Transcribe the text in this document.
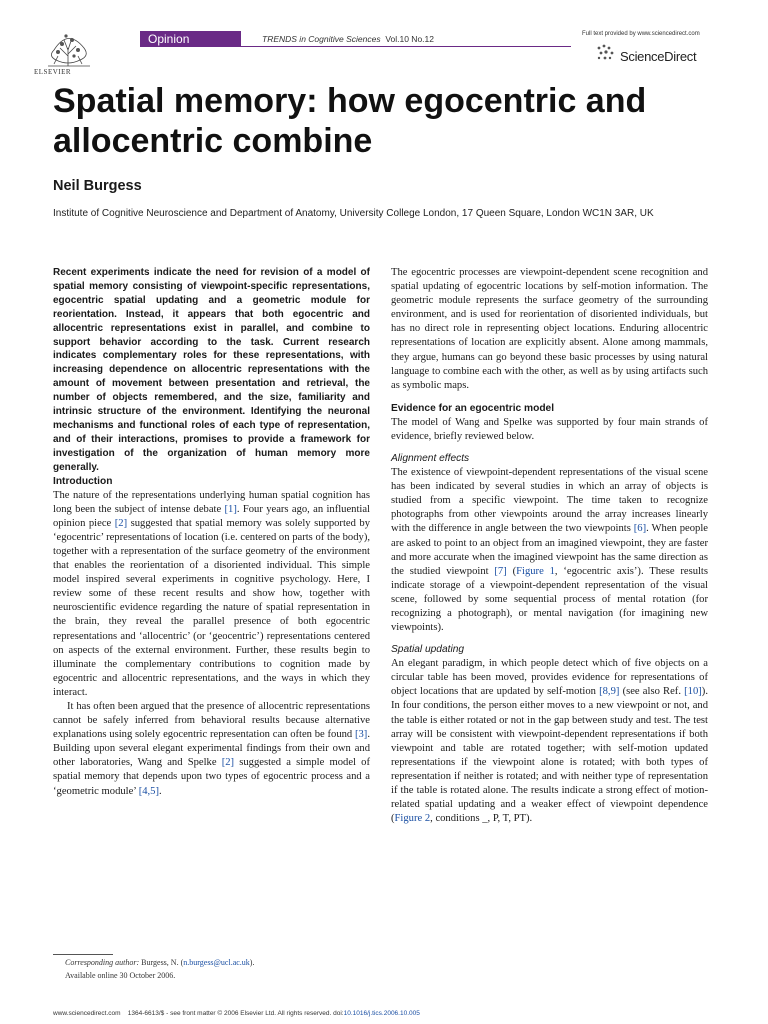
ELSEVIER
Opinion	TRENDS in Cognitive Sciences Vol.10 No.12	Full text provided by www.sciencedirect.com
ScienceDirect
Spatial memory: how egocentric and allocentric combine
Neil Burgess
Institute of Cognitive Neuroscience and Department of Anatomy, University College London, 17 Queen Square, London WC1N 3AR, UK

Recent experiments indicate the need for revision of a model of spatial memory consisting of viewpoint-specific representations, egocentric spatial updating and a geometric module for reorientation. Instead, it appears that both egocentric and allocentric representations exist in parallel, and combine to support behavior according to the task. Current research indicates complementary roles for these representations, with increasing dependence on allocentric representations with the amount of movement between presentation and retrieval, the number of objects remembered, and the size, familiarity and intrinsic structure of the environment. Identifying the neuronal mechanisms and functional roles of each type of representation, and of their interactions, promises to provide a framework for investigation of the organization of human memory more generally.

Introduction

The nature of the representations underlying human spatial cognition has long been the subject of intense debate [1]. Four years ago, an influential opinion piece [2] suggested that spatial memory was solely supported by ‘egocentric’ representations of location (i.e. centered on parts of the body), together with a representation of the surface geometry of the environment that enables the reorientation of a disoriented individual. This simple model inspired several experiments in cognitive psychology. Here, I review some of these recent results and show how, together with neuroscientific evidence regarding the nature of spatial representation in the brain, they reveal the parallel presence of both egocentric representations and ‘allocentric’ (or ‘geocentric’) representations centered on aspects of the external environment. Further, these results begin to illuminate the complementary contributions to cognition made by egocentric and allocentric representations, and the ways in which they interact.

It has often been argued that the presence of allocentric representations cannot be safely inferred from behavioral results because alternative explanations using solely egocentric representation can often be found [3]. Building upon several elegant experimental findings from their own and other laboratories, Wang and Spelke [2] suggested a simple model of spatial memory that depends upon two types of egocentric process and a ‘geometric module’ [4,5].

Corresponding author: Burgess, N. (n.burgess@ucl.ac.uk).

Available online 30 October 2006.

The egocentric processes are viewpoint-dependent scene recognition and spatial updating of egocentric locations by self-motion information. The geometric module represents the surface geometry of the surrounding environment, and is used for reorientation of disoriented individuals, but has no direct role in representing object locations. Enduring allocentric representations of location are explicitly absent. Alone among mammals, they argue, humans can go beyond these basic processes by using natural language to combine each with the other, as well as by using artifacts such as symbolic maps.

Evidence for an egocentric model

The model of Wang and Spelke was supported by four main strands of evidence, briefly reviewed below.

Alignment effects

The existence of viewpoint-dependent representations of the visual scene has been indicated by several studies in which an array of objects is studied from a specific viewpoint. The time taken to recognize photographs from other viewpoints around the array increases linearly with the difference in angle between the two viewpoints [6]. When people are asked to point to an object from an imagined viewpoint, they are faster and more accurate when the imagined viewpoint has the same direction as the studied viewpoint [7] (Figure 1, ‘egocentric axis’). These results indicate storage of a viewpoint-dependent representation of the visual scene, followed by some sequential process of mental rotation (for recognizing a photograph), or mental navigation (for imagining new viewpoints).

Spatial updating

An elegant paradigm, in which people detect which of five objects on a circular table has been moved, provides evidence for representations of object locations that are updated by self-motion [8,9] (see also Ref. [10]). In four conditions, the person either moves to a new viewpoint or not, and the table is either rotated or not in the gap between study and test. The test array will be consistent with viewpoint-dependent representations if both viewpoint and table are rotated together; with self-motion updated representations if the viewpoint alone is rotated; with both types of representation if neither is rotated; and with neither type of representation if the table is rotated alone. The results indicate a strong effect of motion-related spatial updating and a weaker effect of viewpoint dependence (Figure 2, conditions _, P, T, PT).

www.sciencedirect.com 1364-6613/$ - see front matter © 2006 Elsevier Ltd. All rights reserved. doi:10.1016/j.tics.2006.10.005
